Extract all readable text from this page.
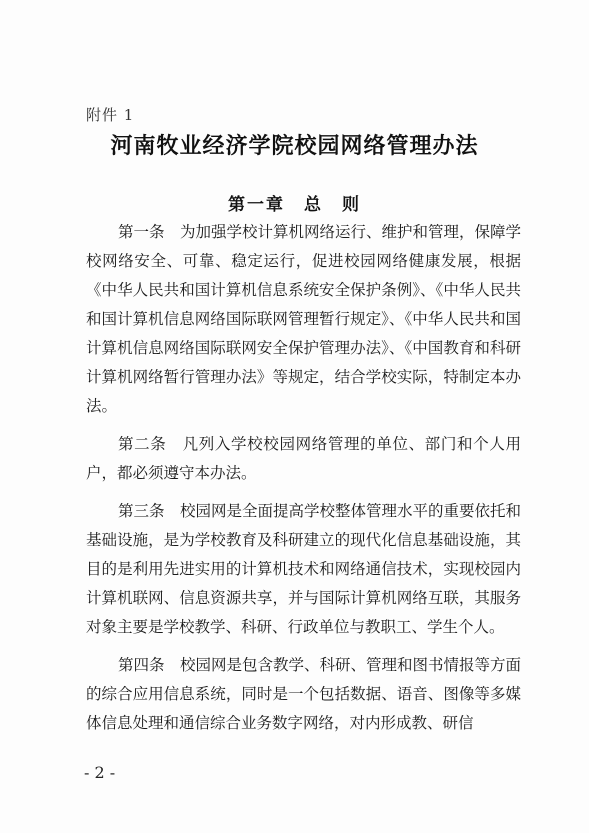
附件 1
河南牧业经济学院校园网络管理办法
第一章　总　则

第一条　为加强学校计算机网络运行、维护和管理，保障学校网络安全、可靠、稳定运行，促进校园网络健康发展，根据《中华人民共和国计算机信息系统安全保护条例》、《中华人民共和国计算机信息网络国际联网管理暂行规定》、《中华人民共和国计算机信息网络国际联网安全保护管理办法》、《中国教育和科研计算机网络暂行管理办法》等规定，结合学校实际，特制定本办法。

第二条　凡列入学校校园网络管理的单位、部门和个人用户，都必须遵守本办法。

第三条　校园网是全面提高学校整体管理水平的重要依托和基础设施，是为学校教育及科研建立的现代化信息基础设施，其目的是利用先进实用的计算机技术和网络通信技术，实现校园内计算机联网、信息资源共享，并与国际计算机网络互联，其服务对象主要是学校教学、科研、行政单位与教职工、学生个人。

第四条　校园网是包含教学、科研、管理和图书情报等方面的综合应用信息系统，同时是一个包括数据、语音、图像等多媒体信息处理和通信综合业务数字网络，对内形成教、研信

- 2 -
